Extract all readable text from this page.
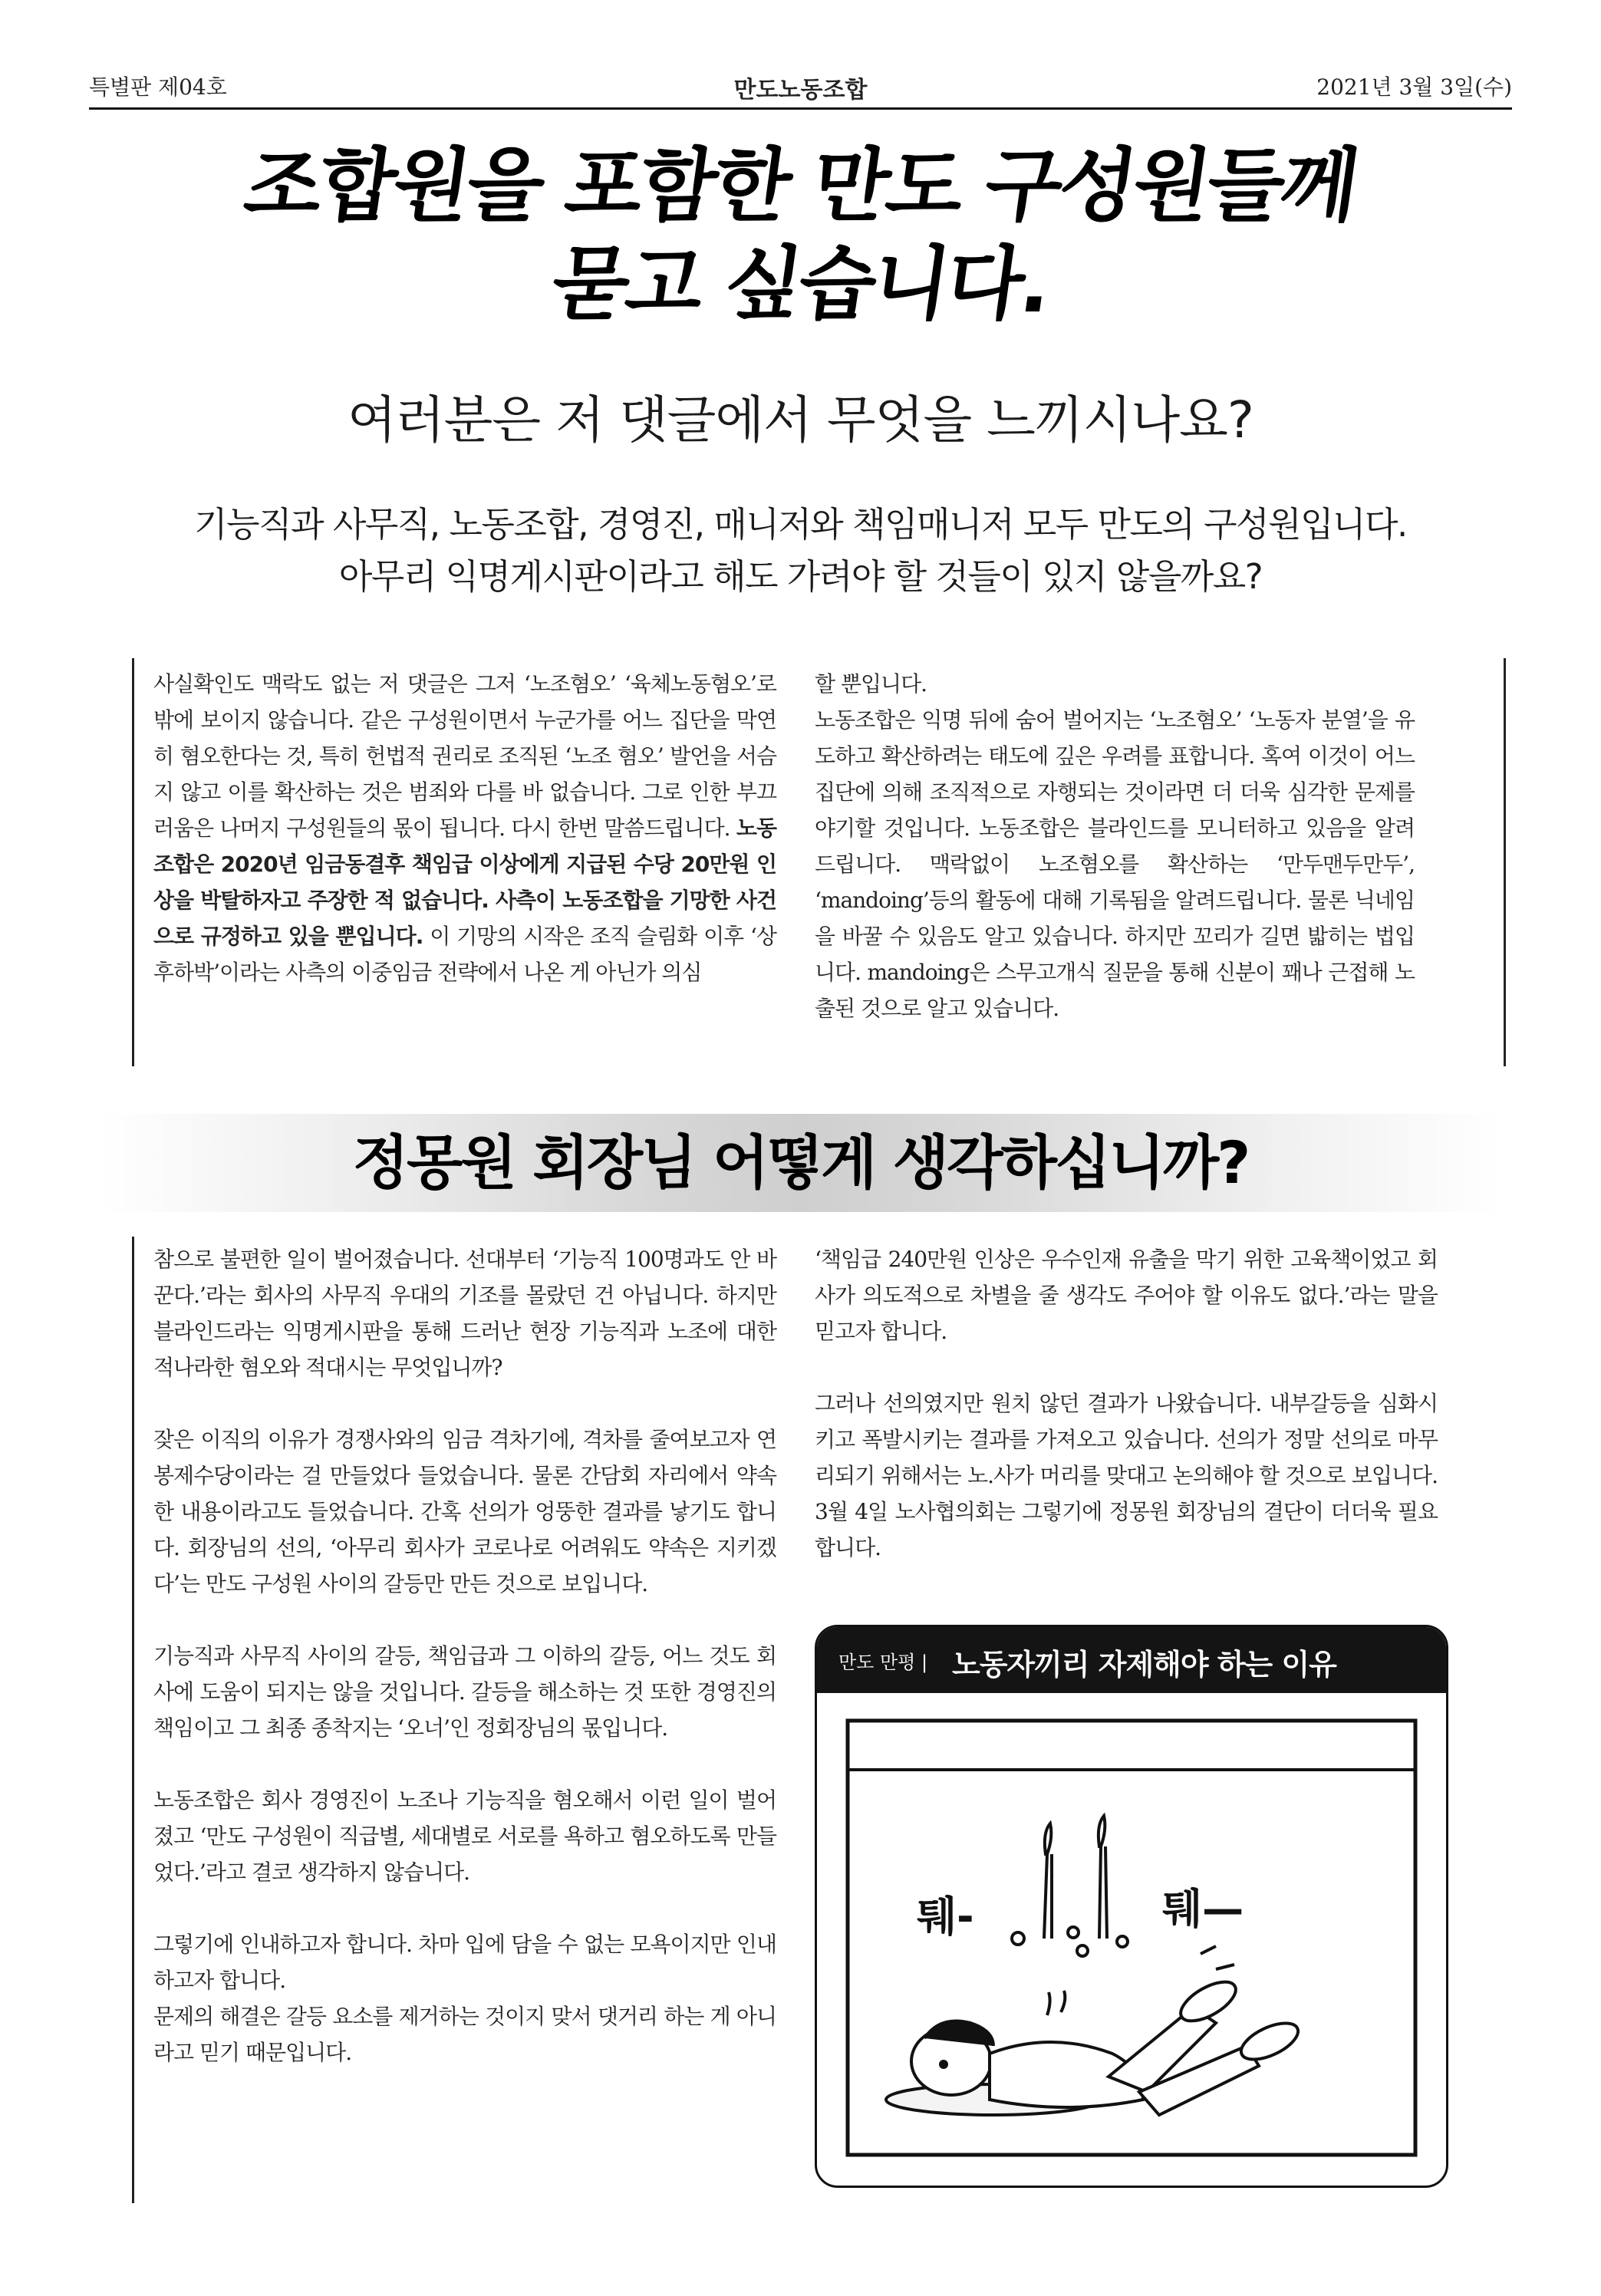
특별판 제04호	만도노동조합	2021년 3월 3일(수)
조합원을 포함한 만도 구성원들께
묻고 싶습니다.
여러분은 저 댓글에서 무엇을 느끼시나요?
기능직과 사무직, 노동조합, 경영진, 매니저와 책임매니저 모두 만도의 구성원입니다.
아무리 익명게시판이라고 해도 가려야 할 것들이 있지 않을까요?

사실확인도 맥락도 없는 저 댓글은 그저 ‘노조혐오’ ‘육체노동혐오’로 밖에 보이지 않습니다. 같은 구성원이면서 누군가를 어느 집단을 막연히 혐오한다는 것, 특히 헌법적 권리로 조직된 ‘노조 혐오’ 발언을 서슴지 않고 이를 확산하는 것은 범죄와 다를 바 없습니다. 그로 인한 부끄러움은 나머지 구성원들의 몫이 됩니다. 다시 한번 말씀드립니다. 노동조합은 2020년 임금동결후 책임급 이상에게 지급된 수당 20만원 인상을 박탈하자고 주장한 적 없습니다. 사측이 노동조합을 기망한 사건으로 규정하고 있을 뿐입니다. 이 기망의 시작은 조직 슬림화 이후 ‘상후하박’이라는 사측의 이중임금 전략에서 나온 게 아닌가 의심

할 뿐입니다.

노동조합은 익명 뒤에 숨어 벌어지는 ‘노조혐오’ ‘노동자 분열’을 유도하고 확산하려는 태도에 깊은 우려를 표합니다. 혹여 이것이 어느 집단에 의해 조직적으로 자행되는 것이라면 더 더욱 심각한 문제를 야기할 것입니다. 노동조합은 블라인드를 모니터하고 있음을 알려드립니다. 맥락없이 노조혐오를 확산하는 ‘만두맨두만두’, ‘mandoing’등의 활동에 대해 기록됨을 알려드립니다. 물론 닉네임을 바꿀 수 있음도 알고 있습니다. 하지만 꼬리가 길면 밟히는 법입니다. mandoing은 스무고개식 질문을 통해 신분이 꽤나 근접해 노출된 것으로 알고 있습니다.

정몽원 회장님 어떻게 생각하십니까?

참으로 불편한 일이 벌어졌습니다. 선대부터 ‘기능직 100명과도 안 바꾼다.’라는 회사의 사무직 우대의 기조를 몰랐던 건 아닙니다. 하지만 블라인드라는 익명게시판을 통해 드러난 현장 기능직과 노조에 대한 적나라한 혐오와 적대시는 무엇입니까?

잦은 이직의 이유가 경쟁사와의 임금 격차기에, 격차를 줄여보고자 연봉제수당이라는 걸 만들었다 들었습니다. 물론 간담회 자리에서 약속한 내용이라고도 들었습니다. 간혹 선의가 엉뚱한 결과를 낳기도 합니다. 회장님의 선의, ‘아무리 회사가 코로나로 어려워도 약속은 지키겠다’는 만도 구성원 사이의 갈등만 만든 것으로 보입니다.

기능직과 사무직 사이의 갈등, 책임급과 그 이하의 갈등, 어느 것도 회사에 도움이 되지는 않을 것입니다. 갈등을 해소하는 것 또한 경영진의 책임이고 그 최종 종착지는 ‘오너’인 정회장님의 몫입니다.

노동조합은 회사 경영진이 노조나 기능직을 혐오해서 이런 일이 벌어졌고 ‘만도 구성원이 직급별, 세대별로 서로를 욕하고 혐오하도록 만들었다.’라고 결코 생각하지 않습니다.

그렇기에 인내하고자 합니다. 차마 입에 담을 수 없는 모욕이지만 인내하고자 합니다.

문제의 해결은 갈등 요소를 제거하는 것이지 맞서 댓거리 하는 게 아니라고 믿기 때문입니다.

‘책임급 240만원 인상은 우수인재 유출을 막기 위한 고육책이었고 회사가 의도적으로 차별을 줄 생각도 주어야 할 이유도 없다.’라는 말을 믿고자 합니다.

그러나 선의였지만 원치 않던 결과가 나왔습니다. 내부갈등을 심화시키고 폭발시키는 결과를 가져오고 있습니다. 선의가 정말 선의로 마무리되기 위해서는 노.사가 머리를 맞대고 논의해야 할 것으로 보입니다. 3월 4일 노사협의회는 그렇기에 정몽원 회장님의 결단이 더더욱 필요합니다.

만도 만평 | 노동자끼리 자제해야 하는 이유
퉤-	퉤—
